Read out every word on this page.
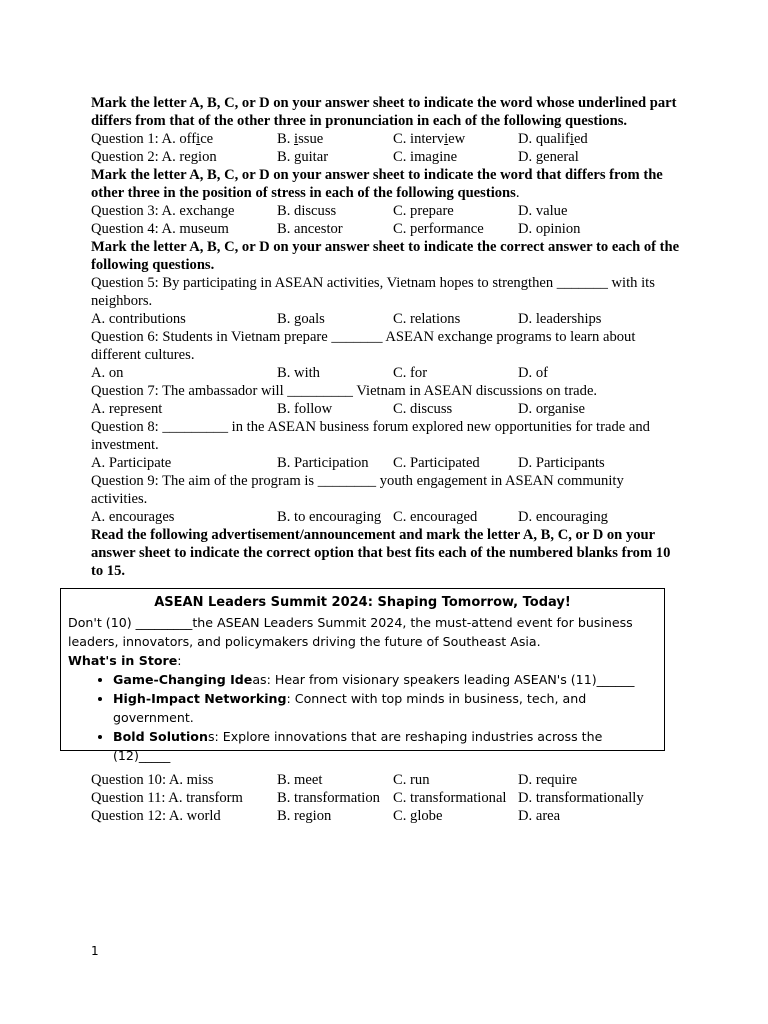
Mark the letter A, B, C, or D on your answer sheet to indicate the word whose underlined part differs from that of the other three in pronunciation in each of the following questions.

Question 1: A. office	B. issue	C. interview	D. qualified
Question 2: A. region	B. guitar	C. imagine	D. general

Mark the letter A, B, C, or D on your answer sheet to indicate the word that differs from the other three in the position of stress in each of the following questions.

Question 3: A. exchange	B. discuss	C. prepare	D. value
Question 4: A. museum	B. ancestor	C. performance	D. opinion

Mark the letter A, B, C, or D on your answer sheet to indicate the correct answer to each of the following questions.

Question 5: By participating in ASEAN activities, Vietnam hopes to strengthen _______ with its neighbors.

A. contributions	B. goals	C. relations	D. leaderships

Question 6: Students in Vietnam prepare _______ ASEAN exchange programs to learn about different cultures.

A. on	B. with	C. for	D. of

Question 7: The ambassador will _________ Vietnam in ASEAN discussions on trade.

A. represent	B. follow	C. discuss	D. organise

Question 8: _________ in the ASEAN business forum explored new opportunities for trade and investment.

A. Participate	B. Participation	C. Participated	D. Participants

Question 9: The aim of the program is ________ youth engagement in ASEAN community activities.

A. encourages	B. to encouraging C. encouraged	D. encouraging

Read the following advertisement/announcement and mark the letter A, B, C, or D on your answer sheet to indicate the correct option that best fits each of the numbered blanks from 10 to 15.

ASEAN Leaders Summit 2024: Shaping Tomorrow, Today!

Don't (10) _________the ASEAN Leaders Summit 2024, the must-attend event for business leaders, innovators, and policymakers driving the future of Southeast Asia.

What's in Store:

• Game-Changing Ideas: Hear from visionary speakers leading ASEAN's (11)______
• High-Impact Networking: Connect with top minds in business, tech, and government.
• Bold Solutions: Explore innovations that are reshaping industries across the (12)_____
Question 10: A. miss	B. meet	C. run	D. require
Question 11: A. transform	B. transformation C. transformational D. transformationally
Question 12: A. world	B. region	C. globe	D. area
1
